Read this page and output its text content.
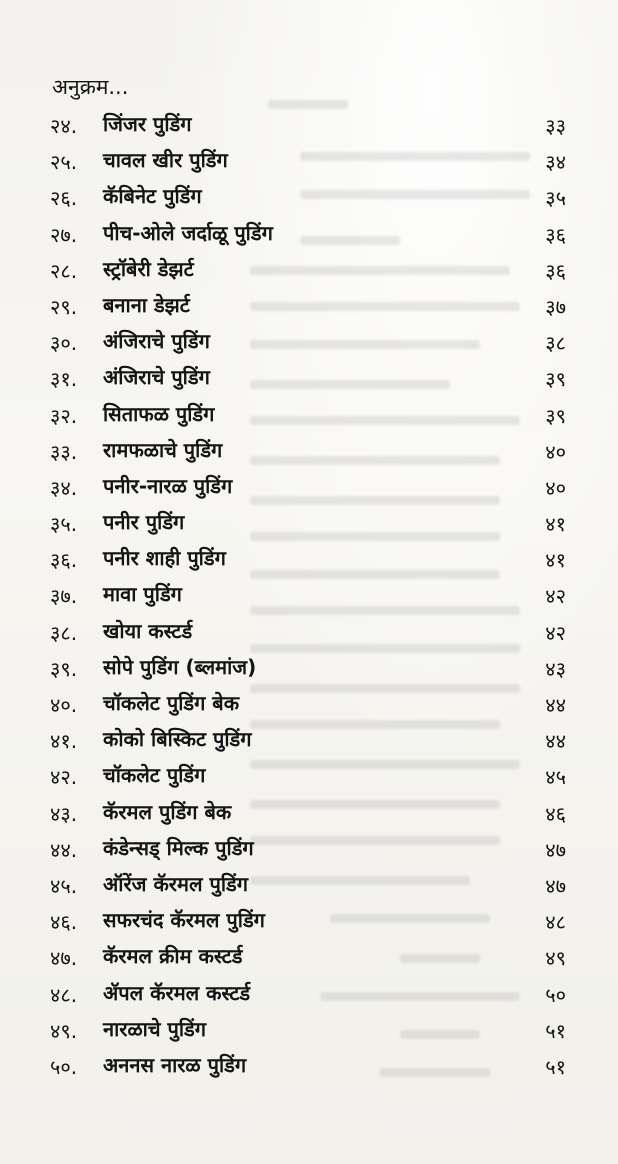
अनुक्रम...
२४. जिंजर पुडिंग	३३
२५. चावल खीर पुडिंग	३४
२६. कॅबिनेट पुडिंग	३५
२७. पीच-ओले जर्दाळू पुडिंग	३६
२८. स्ट्रॉबेरी डेझर्ट	३६
२९. बनाना डेझर्ट	३७
३०. अंजिराचे पुडिंग	३८
३१. अंजिराचे पुडिंग	३९
३२. सिताफळ पुडिंग	३९
३३. रामफळाचे पुडिंग	४०
३४. पनीर-नारळ पुडिंग	४०
३५. पनीर पुडिंग	४१
३६. पनीर शाही पुडिंग	४१
३७. मावा पुडिंग	४२
३८. खोया कस्टर्ड	४२
३९. सोपे पुडिंग (ब्लमांज)	४३
४०. चॉकलेट पुडिंग बेक	४४
४१. कोको बिस्किट पुडिंग	४४
४२. चॉकलेट पुडिंग	४५
४३. कॅरमल पुडिंग बेक	४६
४४. कंडेन्सड् मिल्क पुडिंग	४७
४५. ऑरेंज कॅरमल पुडिंग	४७
४६. सफरचंद कॅरमल पुडिंग	४८
४७. कॅरमल क्रीम कस्टर्ड	४९
४८. ॲपल कॅरमल कस्टर्ड	५०
४९. नारळाचे पुडिंग	५१
५०. अननस नारळ पुडिंग	५१
